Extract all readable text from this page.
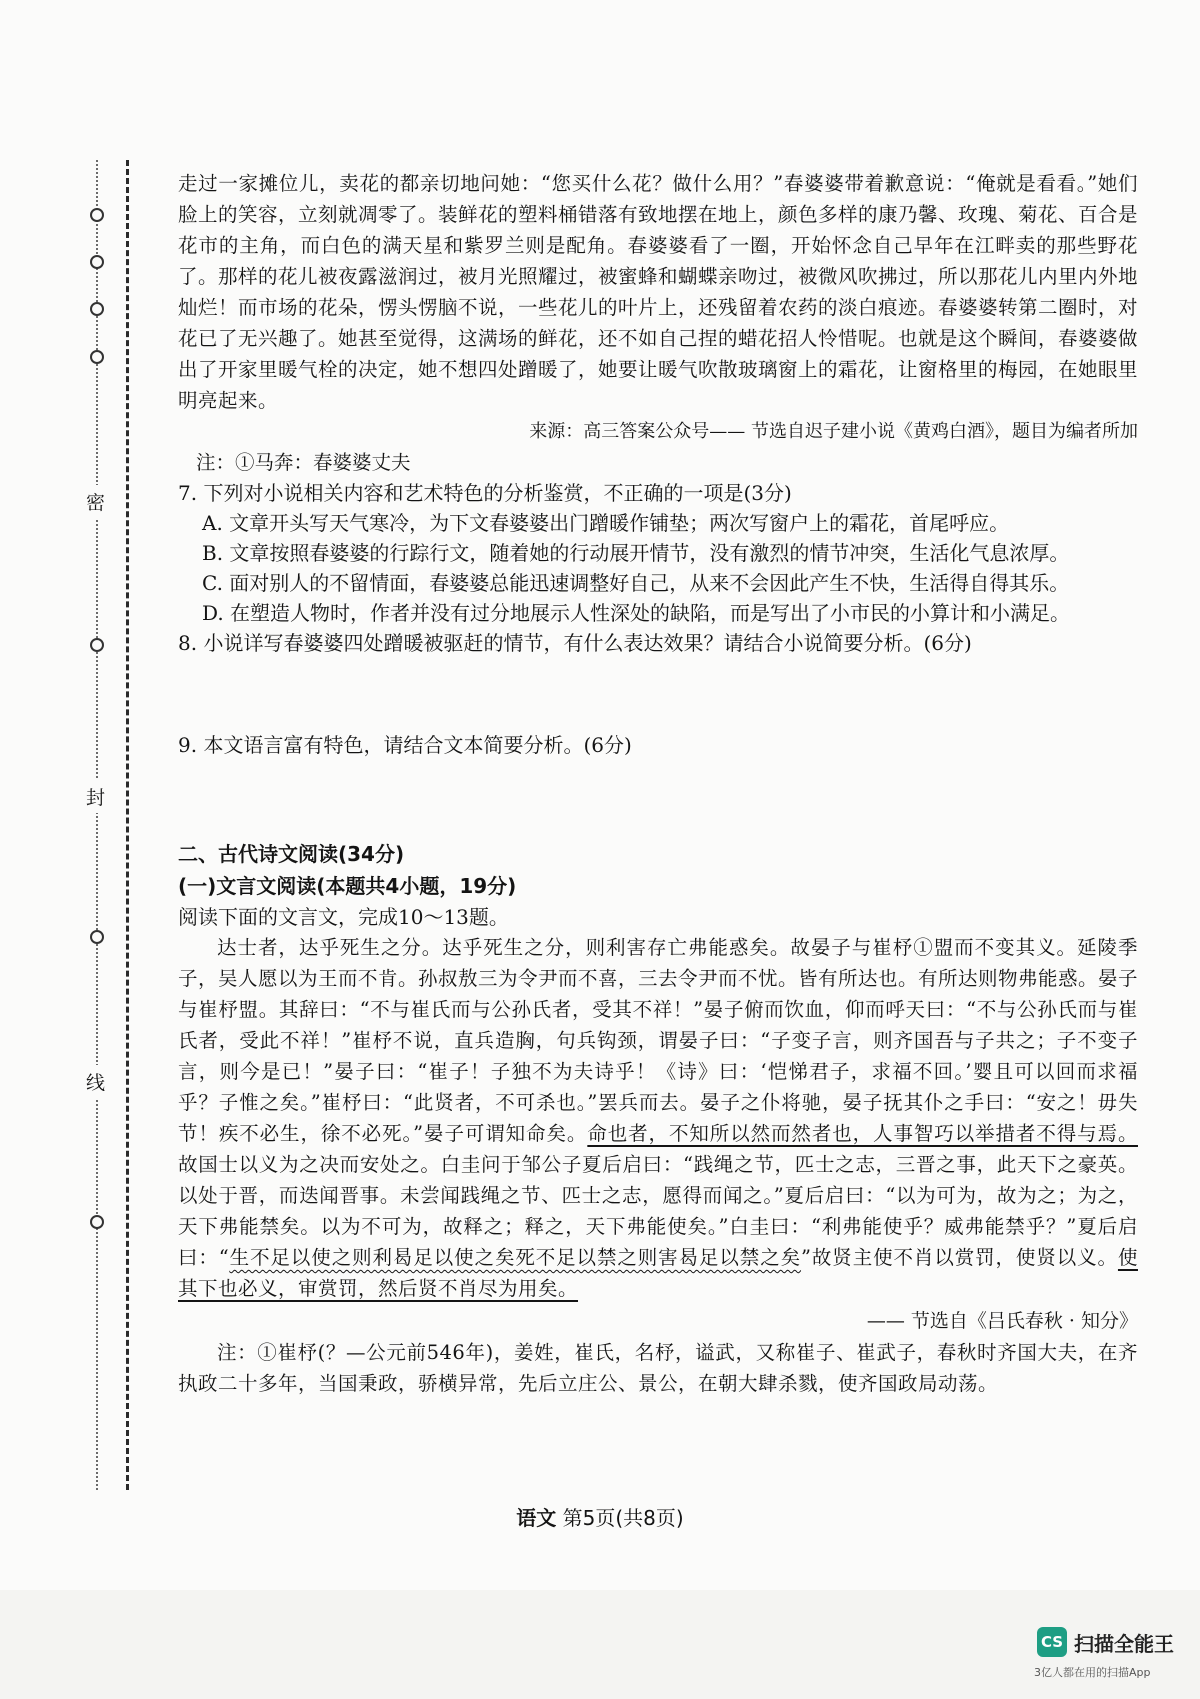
密
封
线

走过一家摊位儿，卖花的都亲切地问她：“您买什么花？做什么用？”春婆婆带着歉意说：“俺就是看看。”她们脸上的笑容，立刻就凋零了。装鲜花的塑料桶错落有致地摆在地上，颜色多样的康乃馨、玫瑰、菊花、百合是花市的主角，而白色的满天星和紫罗兰则是配角。春婆婆看了一圈，开始怀念自己早年在江畔卖的那些野花了。那样的花儿被夜露滋润过，被月光照耀过，被蜜蜂和蝴蝶亲吻过，被微风吹拂过，所以那花儿内里内外地灿烂！而市场的花朵，愣头愣脑不说，一些花儿的叶片上，还残留着农药的淡白痕迹。春婆婆转第二圈时，对花已了无兴趣了。她甚至觉得，这满场的鲜花，还不如自己捏的蜡花招人怜惜呢。也就是这个瞬间，春婆婆做出了开家里暖气栓的决定，她不想四处蹭暖了，她要让暖气吹散玻璃窗上的霜花，让窗格里的梅园，在她眼里明亮起来。

来源：高三答案公众号—— 节选自迟子建小说《黄鸡白酒》，题目为编者所加

注：①马奔：春婆婆丈夫

7. 下列对小说相关内容和艺术特色的分析鉴赏，不正确的一项是(3分)

A. 文章开头写天气寒冷，为下文春婆婆出门蹭暖作铺垫；两次写窗户上的霜花，首尾呼应。

B. 文章按照春婆婆的行踪行文，随着她的行动展开情节，没有激烈的情节冲突，生活化气息浓厚。

C. 面对别人的不留情面，春婆婆总能迅速调整好自己，从来不会因此产生不快，生活得自得其乐。

D. 在塑造人物时，作者并没有过分地展示人性深处的缺陷，而是写出了小市民的小算计和小满足。

8. 小说详写春婆婆四处蹭暖被驱赶的情节，有什么表达效果？请结合小说简要分析。(6分)

9. 本文语言富有特色，请结合文本简要分析。(6分)

二、古代诗文阅读(34分)

(一)文言文阅读(本题共4小题，19分)

阅读下面的文言文，完成10～13题。

达士者，达乎死生之分。达乎死生之分，则利害存亡弗能惑矣。故晏子与崔杼①盟而不变其义。延陵季子，吴人愿以为王而不肯。孙叔敖三为令尹而不喜，三去令尹而不忧。皆有所达也。有所达则物弗能惑。晏子与崔杼盟。其辞曰：“不与崔氏而与公孙氏者，受其不祥！”晏子俯而饮血，仰而呼天曰：“不与公孙氏而与崔氏者，受此不祥！”崔杼不说，直兵造胸，句兵钩颈，谓晏子曰：“子变子言，则齐国吾与子共之；子不变子言，则今是已！”晏子曰：“崔子！子独不为夫诗乎！《诗》曰：‘恺悌君子，求福不回。’婴且可以回而求福乎？子惟之矣。”崔杼曰：“此贤者，不可杀也。”罢兵而去。晏子之仆将驰，晏子抚其仆之手曰：“安之！毋失节！疾不必生，徐不必死。”晏子可谓知命矣。命也者，不知所以然而然者也，人事智巧以举措者不得与焉。故国士以义为之决而安处之。白圭问于邹公子夏后启曰：“践绳之节，匹士之志，三晋之事，此天下之豪英。以处于晋，而迭闻晋事。未尝闻践绳之节、匹士之志，愿得而闻之。”夏后启曰：“以为可为，故为之；为之，天下弗能禁矣。以为不可为，故释之；释之，天下弗能使矣。”白圭曰：“利弗能使乎？威弗能禁乎？”夏后启曰：“生不足以使之则利曷足以使之矣死不足以禁之则害曷足以禁之矣”故贤主使不肖以赏罚，使贤以义。使其下也必义，审赏罚，然后贤不肖尽为用矣。

—— 节选自《吕氏春秋 · 知分》

注：①崔杼(？—公元前546年)，姜姓，崔氏，名杼，谥武，又称崔子、崔武子，春秋时齐国大夫，在齐执政二十多年，当国秉政，骄横异常，先后立庄公、景公，在朝大肆杀戮，使齐国政局动荡。

语文 第5页(共8页)
CS 扫描全能王
3亿人都在用的扫描App
